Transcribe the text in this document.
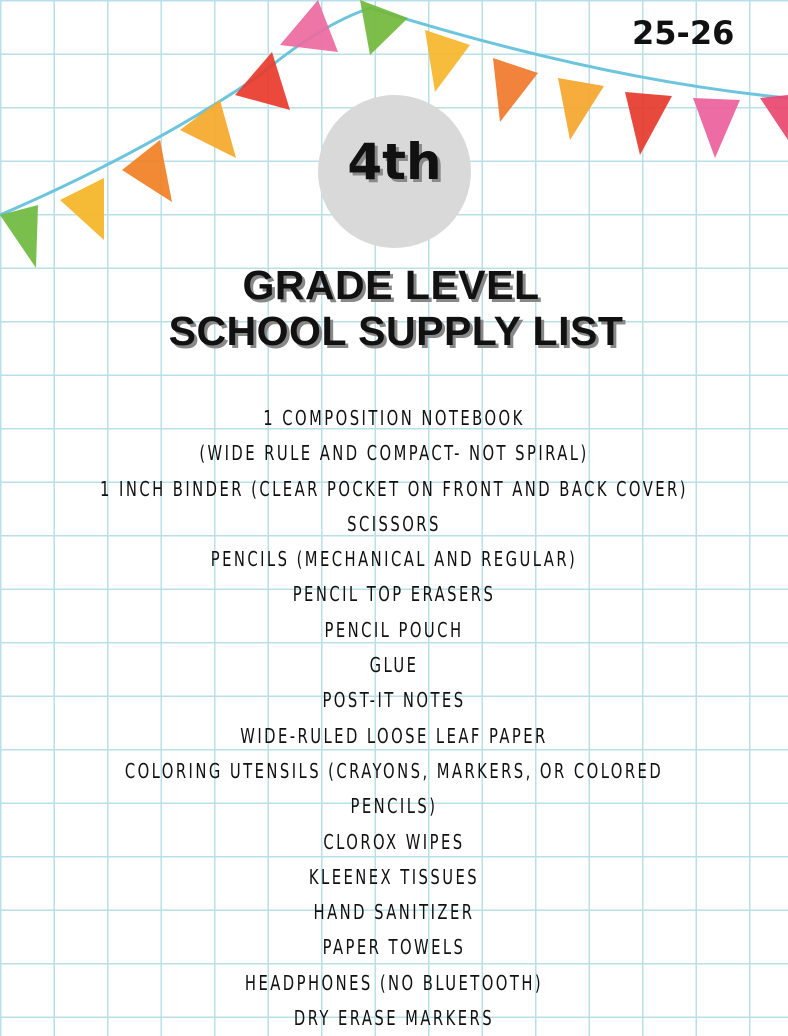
25-26
4th
GRADE LEVEL
SCHOOL SUPPLY LIST
1 COMPOSITION NOTEBOOK
(WIDE RULE AND COMPACT- NOT SPIRAL)
1 INCH BINDER (CLEAR POCKET ON FRONT AND BACK COVER)
SCISSORS
PENCILS (MECHANICAL AND REGULAR)
PENCIL TOP ERASERS
PENCIL POUCH
GLUE
POST-IT NOTES
WIDE-RULED LOOSE LEAF PAPER
COLORING UTENSILS (CRAYONS, MARKERS, OR COLORED
PENCILS)
CLOROX WIPES
KLEENEX TISSUES
HAND SANITIZER
PAPER TOWELS
HEADPHONES (NO BLUETOOTH)
DRY ERASE MARKERS
